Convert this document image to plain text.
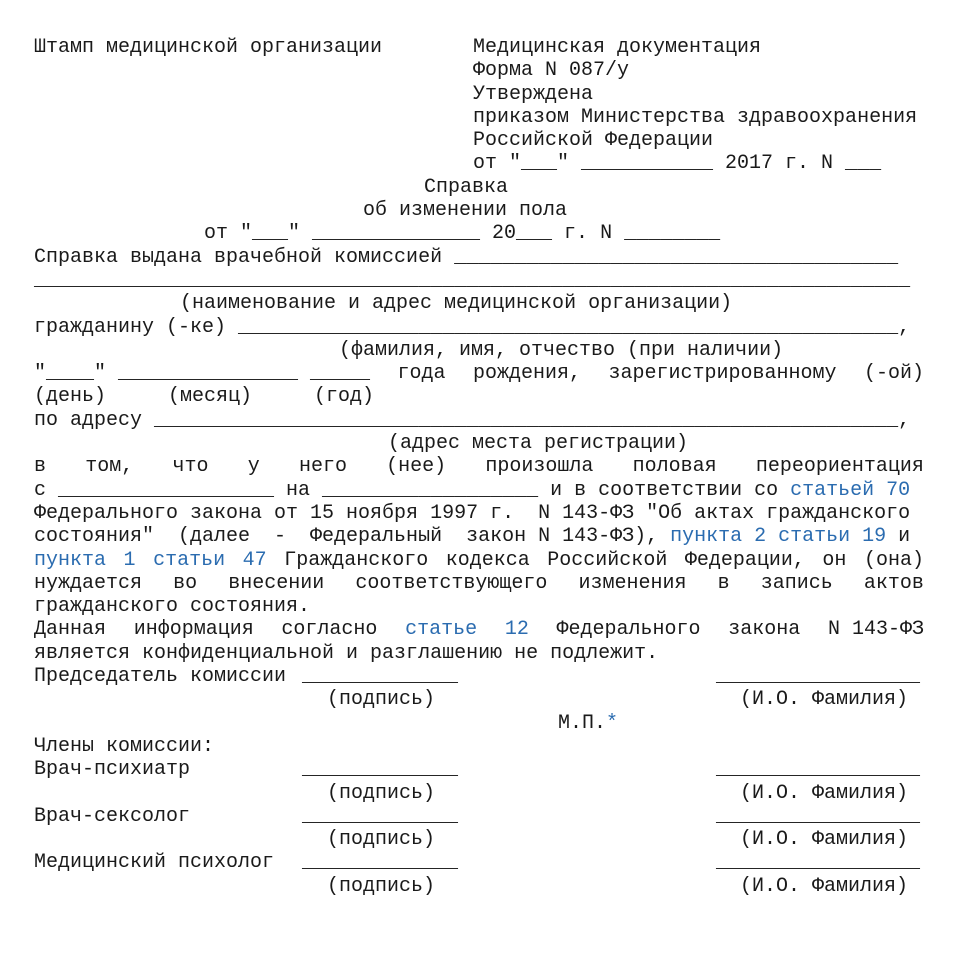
Штамп медицинской организации

	Медицинская документация

Форма N 087/у

Утверждена

приказом Министерства здравоохранения

Российской Федерации

от "___" ___________ 2017 г. N ___

Справка

об изменении пола

от "___" ______________ 20___ г. N ________

Справка выдана врачебной комиссией _____________________________________
_________________________________________________________________________

(наименование и адрес медицинской организации)

гражданину (-ке) _______________________________________________________,

(фамилия, имя, отчество (при наличии)

"____" _______________ _____ года рождения, зарегистрированному (-ой)

(день)

	(месяц)

	(год)

по адресу ______________________________________________________________,

(адрес места регистрации)

в том, что у него (нее) произошла половая переориентация
с __________________ на __________________ и в соответствии со статьей 70
Федерального закона от 15 ноября 1997 г.  N 143-ФЗ "Об актах гражданского
состояния"  (далее  -  Федеральный  закон N 143-ФЗ), пункта 2 статьи 19 и
пункта 1 статьи 47 Гражданского кодекса Российской Федерации, он (она)
нуждается во внесении соответствующего изменения в запись актов
гражданского состояния.
Данная информация согласно статье 12 Федерального закона N 143-ФЗ
является конфиденциальной и разглашению не подлежит.

Председатель комиссии

_____________

	_________________

(подпись)

	(И.О. Фамилия)

М.П.*

Члены комиссии:

Врач-психиатр

	_____________

	_________________

(подпись)

	(И.О. Фамилия)

Врач-сексолог

	_____________

	_________________

(подпись)

	(И.О. Фамилия)

Медицинский психолог

_____________

	_________________

(подпись)

	(И.О. Фамилия)
